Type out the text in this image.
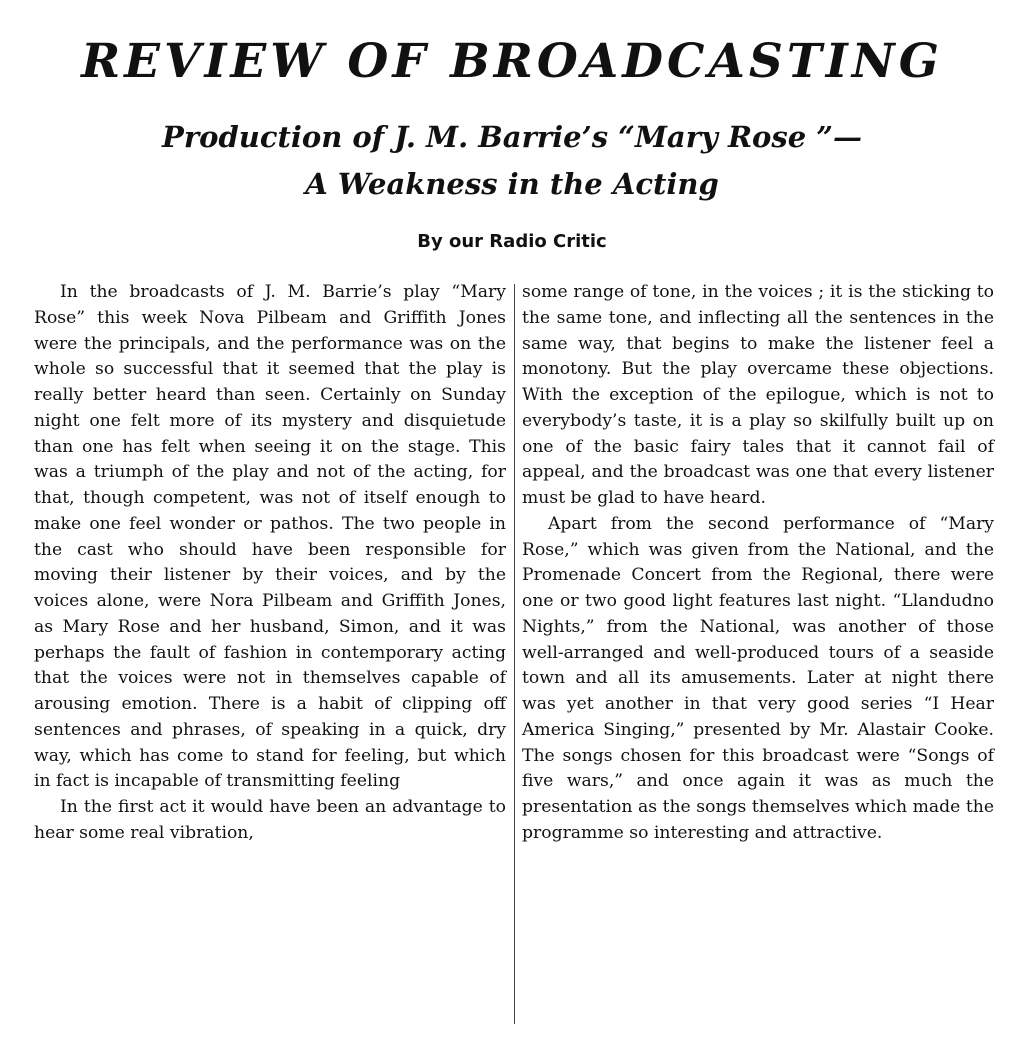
REVIEW OF BROADCASTING
Production of J. M. Barrie’s “Mary Rose ”—
A Weakness in the Acting
By our Radio Critic

In the broadcasts of J. M. Barrie’s play “Mary Rose” this week Nova Pilbeam and Griffith Jones were the principals, and the performance was on the whole so successful that it seemed that the play is really better heard than seen. Certainly on Sunday night one felt more of its mystery and disquietude than one has felt when seeing it on the stage. This was a triumph of the play and not of the acting, for that, though competent, was not of itself enough to make one feel wonder or pathos. The two people in the cast who should have been responsible for moving their listener by their voices, and by the voices alone, were Nora Pilbeam and Griffith Jones, as Mary Rose and her husband, Simon, and it was perhaps the fault of fashion in contemporary acting that the voices were not in themselves capable of arousing emotion. There is a habit of clipping off sentences and phrases, of speaking in a quick, dry way, which has come to stand for feeling, but which in fact is incapable of transmitting feeling

In the first act it would have been an advantage to hear some real vibration,

some range of tone, in the voices ; it is the sticking to the same tone, and inflecting all the sentences in the same way, that begins to make the listener feel a monotony. But the play overcame these objections. With the exception of the epilogue, which is not to everybody’s taste, it is a play so skilfully built up on one of the basic fairy tales that it cannot fail of appeal, and the broadcast was one that every listener must be glad to have heard.

Apart from the second performance of “Mary Rose,” which was given from the National, and the Promenade Concert from the Regional, there were one or two good light features last night. “Llandudno Nights,” from the National, was another of those well-arranged and well-produced tours of a seaside town and all its amusements. Later at night there was yet another in that very good series “I Hear America Singing,” presented by Mr. Alastair Cooke. The songs chosen for this broadcast were “Songs of five wars,” and once again it was as much the presentation as the songs themselves which made the programme so interesting and attractive.
